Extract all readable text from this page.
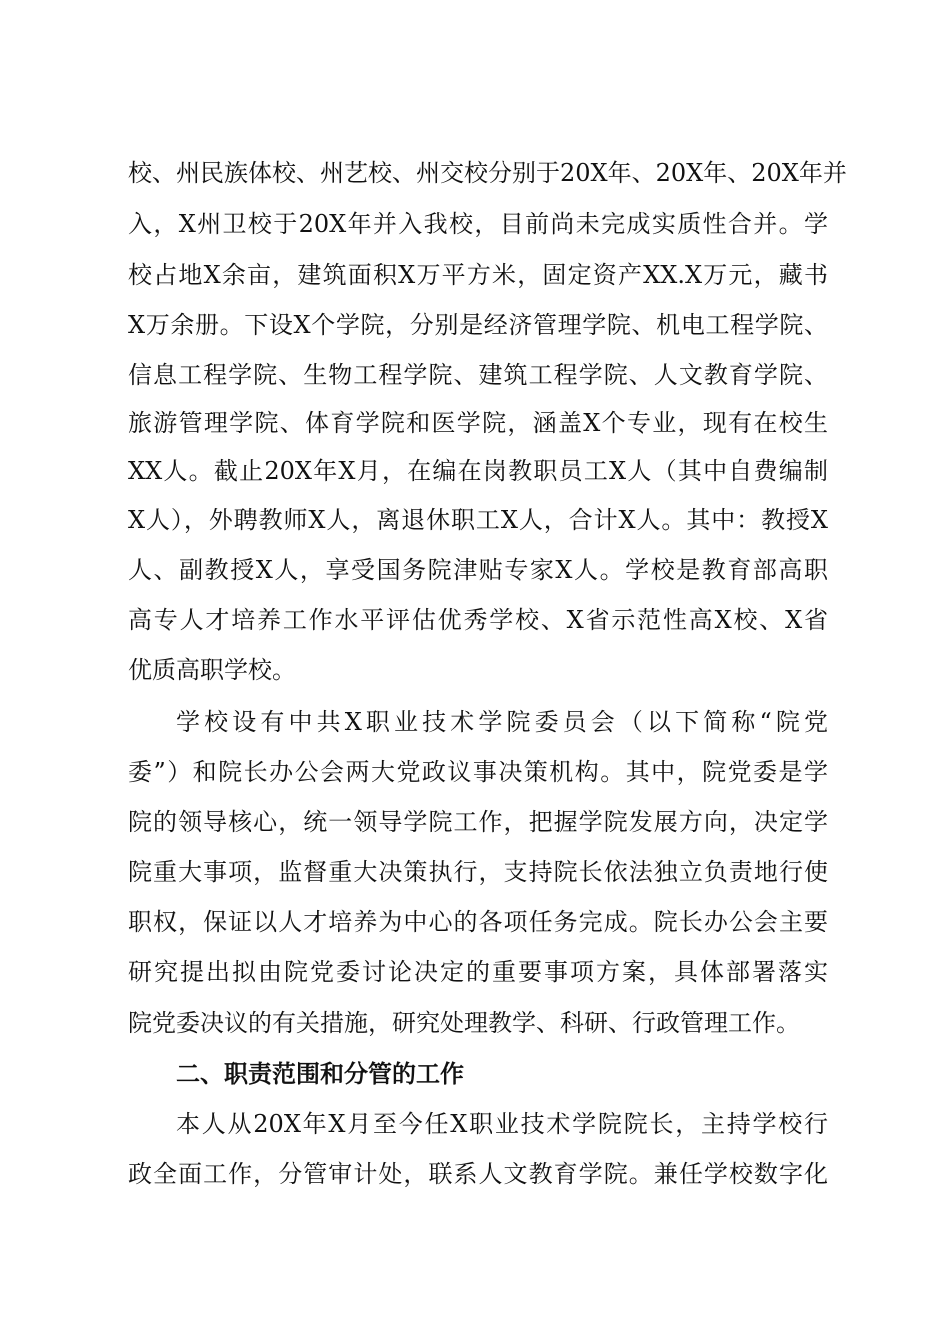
校、州民族体校、州艺校、州交校分别于20X年、20X年、20X年并
入，X州卫校于20X年并入我校，目前尚未完成实质性合并。学
校占地X余亩，建筑面积X万平方米，固定资产XX.X万元，藏书
X万余册。下设X个学院，分别是经济管理学院、机电工程学院、
信息工程学院、生物工程学院、建筑工程学院、人文教育学院、
旅游管理学院、体育学院和医学院，涵盖X个专业，现有在校生
XX人。截止20X年X月，在编在岗教职员工X人（其中自费编制
X人），外聘教师X人，离退休职工X人，合计X人。其中：教授X
人、副教授X人，享受国务院津贴专家X人。学校是教育部高职
高专人才培养工作水平评估优秀学校、X省示范性高X校、X省
优质高职学校。
学校设有中共X职业技术学院委员会（以下简称“院党
委”）和院长办公会两大党政议事决策机构。其中，院党委是学
院的领导核心，统一领导学院工作，把握学院发展方向，决定学
院重大事项，监督重大决策执行，支持院长依法独立负责地行使
职权，保证以人才培养为中心的各项任务完成。院长办公会主要
研究提出拟由院党委讨论决定的重要事项方案，具体部署落实
院党委决议的有关措施，研究处理教学、科研、行政管理工作。
二、职责范围和分管的工作
本人从20X年X月至今任X职业技术学院院长，主持学校行
政全面工作，分管审计处，联系人文教育学院。兼任学校数字化
